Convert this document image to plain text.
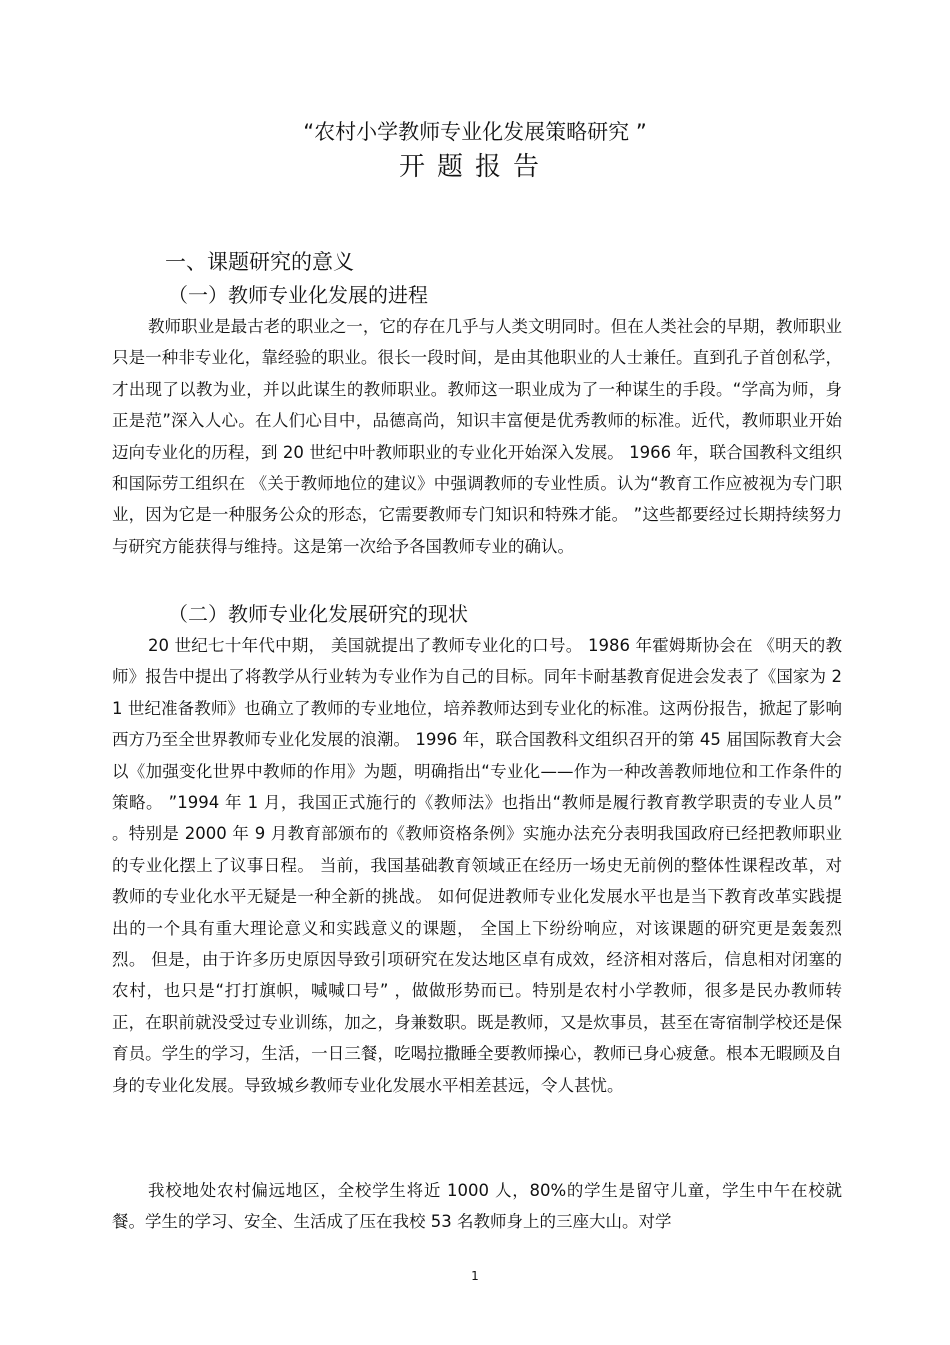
“农村小学教师专业化发展策略研究 ”
开题报告
一、课题研究的意义
（一）教师专业化发展的进程
教师职业是最古老的职业之一，它的存在几乎与人类文明同时。但在人类社会的早期，教师职业只是一种非专业化，靠经验的职业。很长一段时间，是由其他职业的人士兼任。直到孔子首创私学，才出现了以教为业，并以此谋生的教师职业。教师这一职业成为了一种谋生的手段。“学高为师，身正是范”深入人心。在人们心目中，品德高尚，知识丰富便是优秀教师的标准。近代，教师职业开始迈向专业化的历程，到 20 世纪中叶教师职业的专业化开始深入发展。 1966 年，联合国教科文组织和国际劳工组织在 《关于教师地位的建议》中强调教师的专业性质。认为“教育工作应被视为专门职业，因为它是一种服务公众的形态，它需要教师专门知识和特殊才能。 ”这些都要经过长期持续努力与研究方能获得与维持。这是第一次给予各国教师专业的确认。
（二）教师专业化发展研究的现状
20 世纪七十年代中期， 美国就提出了教师专业化的口号。 1986 年霍姆斯协会在 《明天的教师》报告中提出了将教学从行业转为专业作为自己的目标。同年卡耐基教育促进会发表了《国家为 21 世纪准备教师》也确立了教师的专业地位，培养教师达到专业化的标准。这两份报告，掀起了影响西方乃至全世界教师专业化发展的浪潮。 1996 年，联合国教科文组织召开的第 45 届国际教育大会以《加强变化世界中教师的作用》为题，明确指出“专业化——作为一种改善教师地位和工作条件的策略。 ”1994 年 1 月，我国正式施行的《教师法》也指出“教师是履行教育教学职责的专业人员” 。特别是 2000 年 9 月教育部颁布的《教师资格条例》实施办法充分表明我国政府已经把教师职业的专业化摆上了议事日程。 当前，我国基础教育领域正在经历一场史无前例的整体性课程改革，对教师的专业化水平无疑是一种全新的挑战。 如何促进教师专业化发展水平也是当下教育改革实践提出的一个具有重大理论意义和实践意义的课题， 全国上下纷纷响应，对该课题的研究更是轰轰烈烈。 但是，由于许多历史原因导致引项研究在发达地区卓有成效，经济相对落后，信息相对闭塞的农村，也只是“打打旗帜，喊喊口号” ，做做形势而已。特别是农村小学教师，很多是民办教师转正，在职前就没受过专业训练，加之，身兼数职。既是教师，又是炊事员，甚至在寄宿制学校还是保育员。学生的学习，生活，一日三餐，吃喝拉撒睡全要教师操心，教师已身心疲惫。根本无暇顾及自身的专业化发展。导致城乡教师专业化发展水平相差甚远，令人甚忧。
我校地处农村偏远地区，全校学生将近 1000 人，80%的学生是留守儿童，学生中午在校就餐。学生的学习、安全、生活成了压在我校 53 名教师身上的三座大山。对学
1
